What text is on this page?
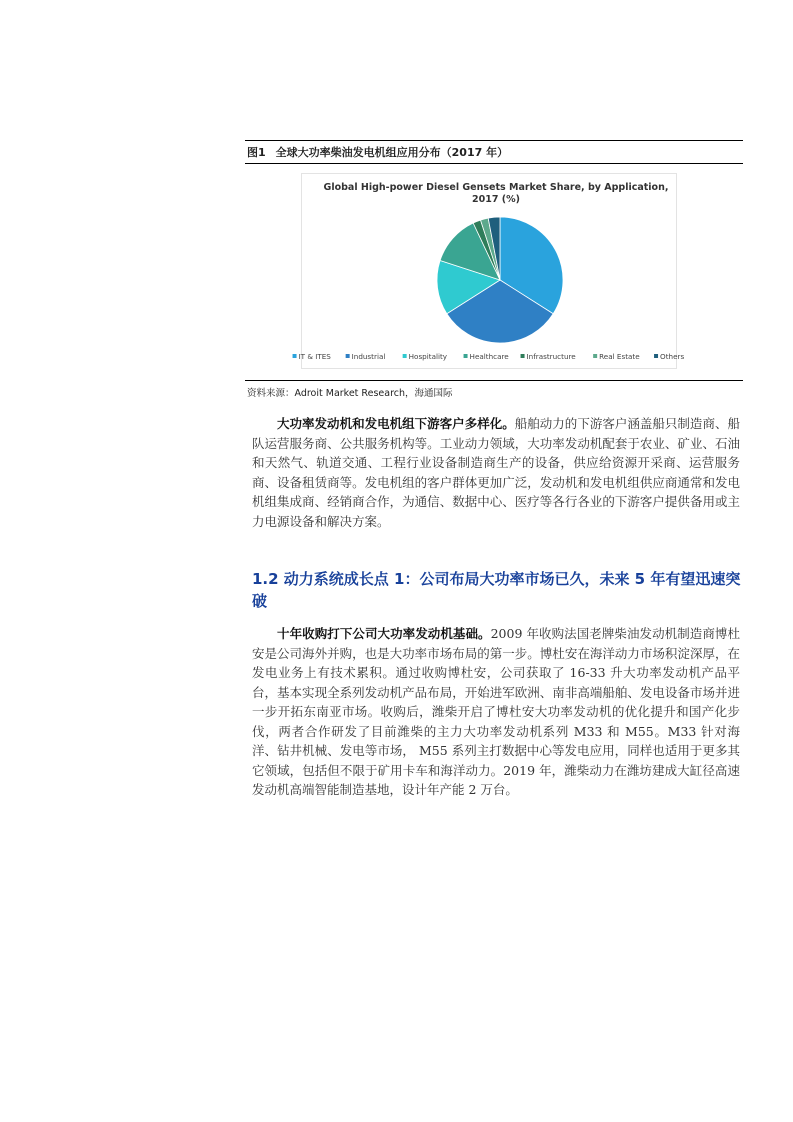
图1 全球大功率柴油发电机组应用分布（2017 年）
Global High-power Diesel Gensets Market Share, by Application,
2017 (%)
IT & ITES	Industrial	Hospitality	Healthcare Infrastructure	Real Estate	Others
资料来源：Adroit Market Research，海通国际
大功率发动机和发电机组下游客户多样化。船舶动力的下游客户涵盖船只制造商、船队运营服务商、公共服务机构等。工业动力领域，大功率发动机配套于农业、矿业、石油和天然气、轨道交通、工程行业设备制造商生产的设备，供应给资源开采商、运营服务商、设备租赁商等。发电机组的客户群体更加广泛，发动机和发电机组供应商通常和发电机组集成商、经销商合作，为通信、数据中心、医疗等各行各业的下游客户提供备用或主力电源设备和解决方案。
1.2 动力系统成长点 1：公司布局大功率市场已久，未来 5 年有望迅速突破
十年收购打下公司大功率发动机基础。2009 年收购法国老牌柴油发动机制造商博杜安是公司海外并购，也是大功率市场布局的第一步。博杜安在海洋动力市场积淀深厚，在发电业务上有技术累积。通过收购博杜安，公司获取了 16-33 升大功率发动机产品平台，基本实现全系列发动机产品布局，开始进军欧洲、南非高端船舶、发电设备市场并进一步开拓东南亚市场。收购后，潍柴开启了博杜安大功率发动机的优化提升和国产化步伐，两者合作研发了目前潍柴的主力大功率发动机系列 M33 和 M55。M33 针对海洋、钻井机械、发电等市场， M55 系列主打数据中心等发电应用，同样也适用于更多其它领域，包括但不限于矿用卡车和海洋动力。2019 年，潍柴动力在潍坊建成大缸径高速发动机高端智能制造基地，设计年产能 2 万台。
